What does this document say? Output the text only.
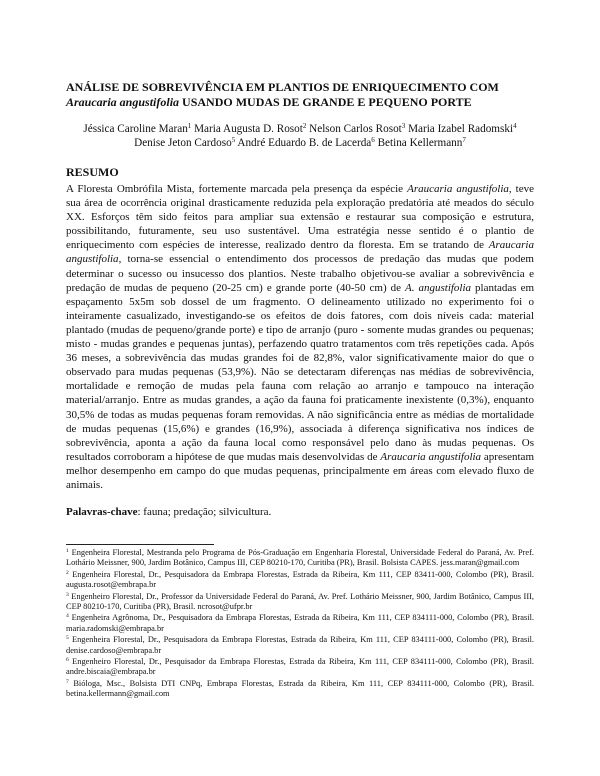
ANÁLISE DE SOBREVIVÊNCIA EM PLANTIOS DE ENRIQUECIMENTO COM Araucaria angustifolia USANDO MUDAS DE GRANDE E PEQUENO PORTE
Jéssica Caroline Maran$^1$ Maria Augusta D. Rosot$^2$ Nelson Carlos Rosot$^3$ Maria Izabel Radomski$^4$
Denise Jeton Cardoso$^5$ André Eduardo B. de Lacerda$^6$ Betina Kellermann$^7$
RESUMO
A Floresta Ombrófila Mista, fortemente marcada pela presença da espécie Araucaria angustifolia, teve sua área de ocorrência original drasticamente reduzida pela exploração predatória até meados do século XX. Esforços têm sido feitos para ampliar sua extensão e restaurar sua composição e estrutura, possibilitando, futuramente, seu uso sustentável. Uma estratégia nesse sentido é o plantio de enriquecimento com espécies de interesse, realizado dentro da floresta. Em se tratando de Araucaria angustifolia, torna-se essencial o entendimento dos processos de predação das mudas que podem determinar o sucesso ou insucesso dos plantios. Neste trabalho objetivou-se avaliar a sobrevivência e predação de mudas de pequeno (20-25 cm) e grande porte (40-50 cm) de A. angustifolia plantadas em espaçamento 5x5m sob dossel de um fragmento. O delineamento utilizado no experimento foi o inteiramente casualizado, investigando-se os efeitos de dois fatores, com dois níveis cada: material plantado (mudas de pequeno/grande porte) e tipo de arranjo (puro - somente mudas grandes ou pequenas; misto - mudas grandes e pequenas juntas), perfazendo quatro tratamentos com três repetições cada. Após 36 meses, a sobrevivência das mudas grandes foi de 82,8%, valor significativamente maior do que o observado para mudas pequenas (53,9%). Não se detectaram diferenças nas médias de sobrevivência, mortalidade e remoção de mudas pela fauna com relação ao arranjo e tampouco na interação material/arranjo. Entre as mudas grandes, a ação da fauna foi praticamente inexistente (0,3%), enquanto 30,5% de todas as mudas pequenas foram removidas. A não significância entre as médias de mortalidade de mudas pequenas (15,6%) e grandes (16,9%), associada à diferença significativa nos índices de sobrevivência, aponta a ação da fauna local como responsável pelo dano às mudas pequenas. Os resultados corroboram a hipótese de que mudas mais desenvolvidas de Araucaria angustifolia apresentam melhor desempenho em campo do que mudas pequenas, principalmente em áreas com elevado fluxo de animais.
Palavras-chave: fauna; predação; silvicultura.
$^1$ Engenheira Florestal, Mestranda pelo Programa de Pós-Graduação em Engenharia Florestal, Universidade Federal do Paraná, Av. Pref. Lothário Meissner, 900, Jardim Botânico, Campus III, CEP 80210-170, Curitiba (PR), Brasil. Bolsista CAPES. jess.maran@gmail.com
$^2$ Engenheira Florestal, Dr., Pesquisadora da Embrapa Florestas, Estrada da Ribeira, Km 111, CEP 83411-000, Colombo (PR), Brasil. augusta.rosot@embrapa.br
$^3$ Engenheiro Florestal, Dr., Professor da Universidade Federal do Paraná, Av. Pref. Lothário Meissner, 900, Jardim Botânico, Campus III, CEP 80210-170, Curitiba (PR), Brasil. ncrosot@ufpr.br
$^4$ Engenheira Agrônoma, Dr., Pesquisadora da Embrapa Florestas, Estrada da Ribeira, Km 111, CEP 834111-000, Colombo (PR), Brasil. maria.radomski@embrapa.br
$^5$ Engenheira Florestal, Dr., Pesquisadora da Embrapa Florestas, Estrada da Ribeira, Km 111, CEP 834111-000, Colombo (PR), Brasil. denise.cardoso@embrapa.br
$^6$ Engenheiro Florestal, Dr., Pesquisador da Embrapa Florestas, Estrada da Ribeira, Km 111, CEP 834111-000, Colombo (PR), Brasil. andre.biscaia@embrapa.br
$^7$ Bióloga, Msc., Bolsista DTI CNPq, Embrapa Florestas, Estrada da Ribeira, Km 111, CEP 834111-000, Colombo (PR), Brasil. betina.kellermann@gmail.com
